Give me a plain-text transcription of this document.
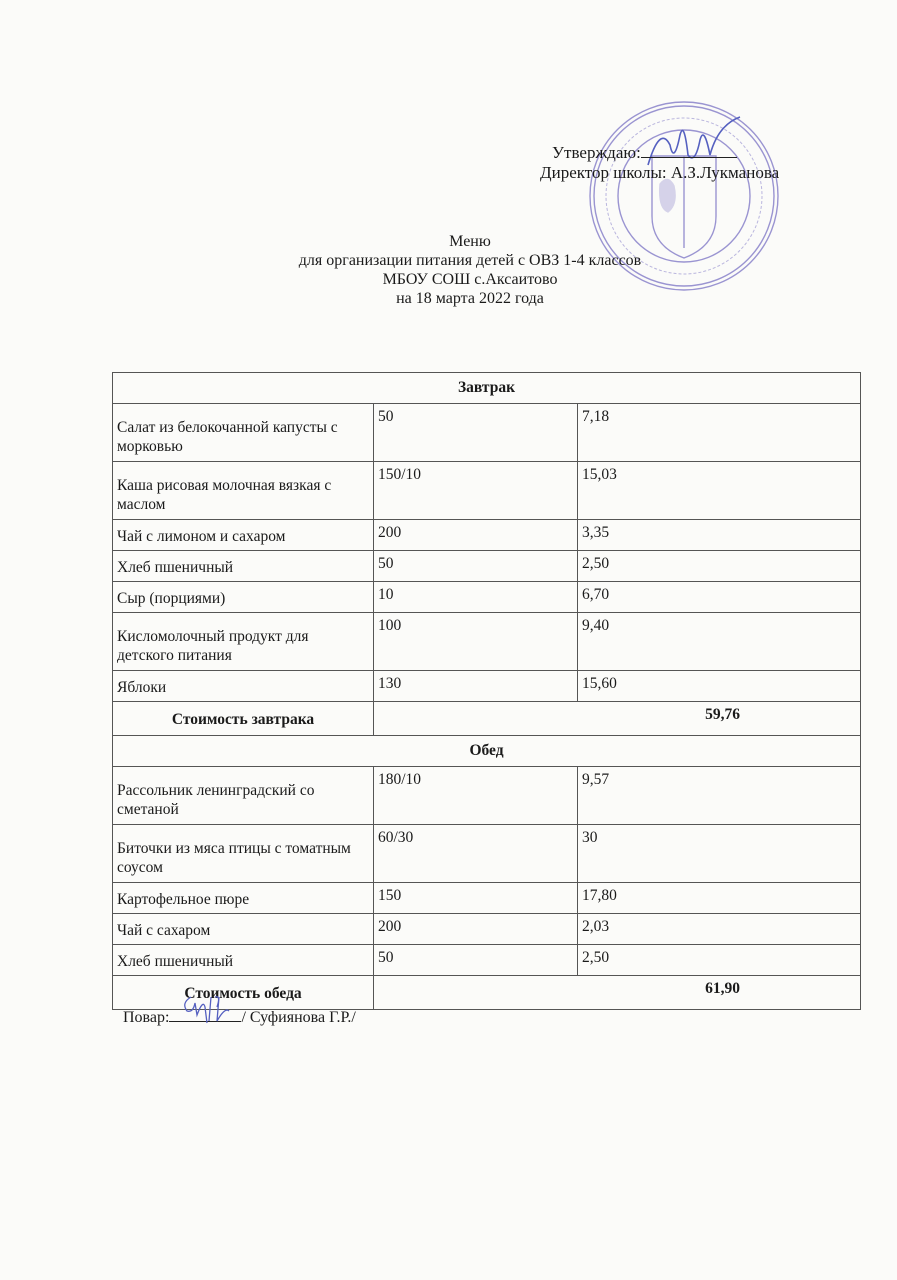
Утверждаю:
Директор школы: А.З.Лукманова
Меню
для организации питания детей с ОВЗ 1-4 классов
МБОУ СОШ с.Аксаитово
на 18 марта 2022 года
Завтрак		
Салат из белокочанной капусты с морковью	50	7,18
Каша рисовая молочная вязкая с маслом	150/10	15,03
Чай с лимоном и сахаром	200	3,35
Хлеб пшеничный	50	2,50
Сыр (порциями)	10	6,70
Кисломолочный продукт для детского питания	100	9,40
Яблоки	130	15,60
Стоимость завтрака	59,76	
Обед		
Рассольник ленинградский со сметаной	180/10	9,57
Биточки из мяса птицы с томатным соусом	60/30	30
Картофельное пюре	150	17,80
Чай с сахаром	200	2,03
Хлеб пшеничный	50	2,50
Стоимость обеда	61,90	
Повар:	/ Суфиянова Г.Р./
